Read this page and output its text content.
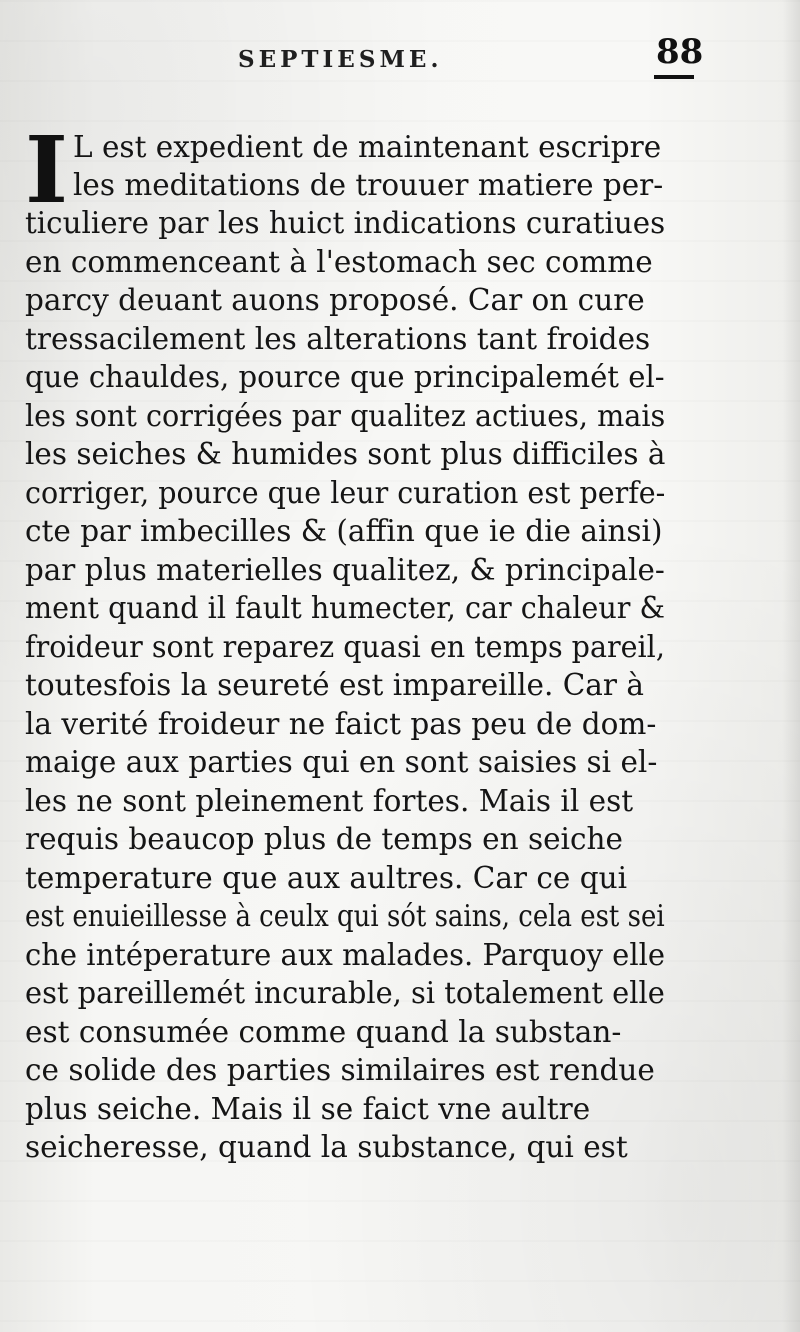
SEPTIESME.	88
I L est expedient de maintenant escripre
les meditations de trouuer matiere per-
ticuliere par les huict indications curatiues
en commenceant à l'estomach sec comme
parcy deuant auons proposé. Car on cure
tressacilement les alterations tant froides
que chauldes, pource que principalemét el-
les sont corrigées par qualitez actiues, mais
les seiches & humides sont plus difficiles à
corriger, pource que leur curation est perfe-
cte par imbecilles & (affin que ie die ainsi)
par plus materielles qualitez, & principale-
ment quand il fault humecter, car chaleur &
froideur sont reparez quasi en temps pareil,
toutesfois la seureté est impareille. Car à
la verité froideur ne faict pas peu de dom-
maige aux parties qui en sont saisies si el-
les ne sont pleinement fortes. Mais il est
requis beaucop plus de temps en seiche
temperature que aux aultres. Car ce qui
est enuieillesse à ceulx qui sót sains, cela est sei
che intéperature aux malades. Parquoy elle
est pareillemét incurable, si totalement elle
est consumée comme quand la substan-
ce solide des parties similaires est rendue
plus seiche. Mais il se faict vne aultre
seicheresse, quand la substance, qui est
